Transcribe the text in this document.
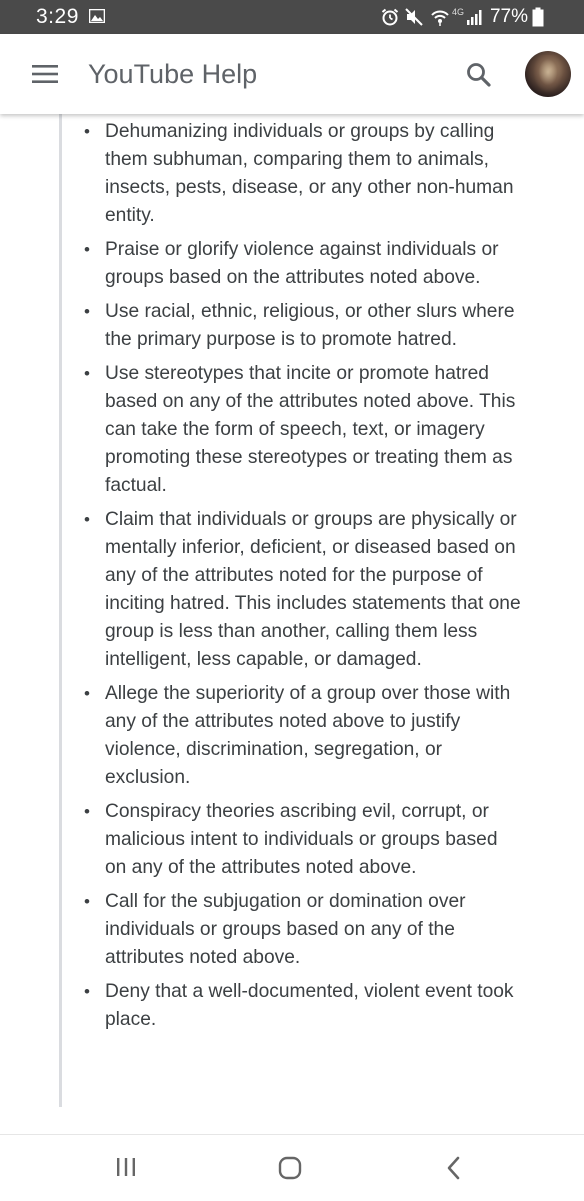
3:29	4G 77%
YouTube Help
• Dehumanizing individuals or groups by calling them subhuman, comparing them to animals, insects, pests, disease, or any other non-human entity.
• Praise or glorify violence against individuals or groups based on the attributes noted above.
• Use racial, ethnic, religious, or other slurs where the primary purpose is to promote hatred.
• Use stereotypes that incite or promote hatred based on any of the attributes noted above. This can take the form of speech, text, or imagery promoting these stereotypes or treating them as factual.
• Claim that individuals or groups are physically or mentally inferior, deficient, or diseased based on any of the attributes noted for the purpose of inciting hatred. This includes statements that one group is less than another, calling them less intelligent, less capable, or damaged.
• Allege the superiority of a group over those with any of the attributes noted above to justify violence, discrimination, segregation, or exclusion.
• Conspiracy theories ascribing evil, corrupt, or malicious intent to individuals or groups based on any of the attributes noted above.
• Call for the subjugation or domination over individuals or groups based on any of the attributes noted above.
• Deny that a well-documented, violent event took place.
